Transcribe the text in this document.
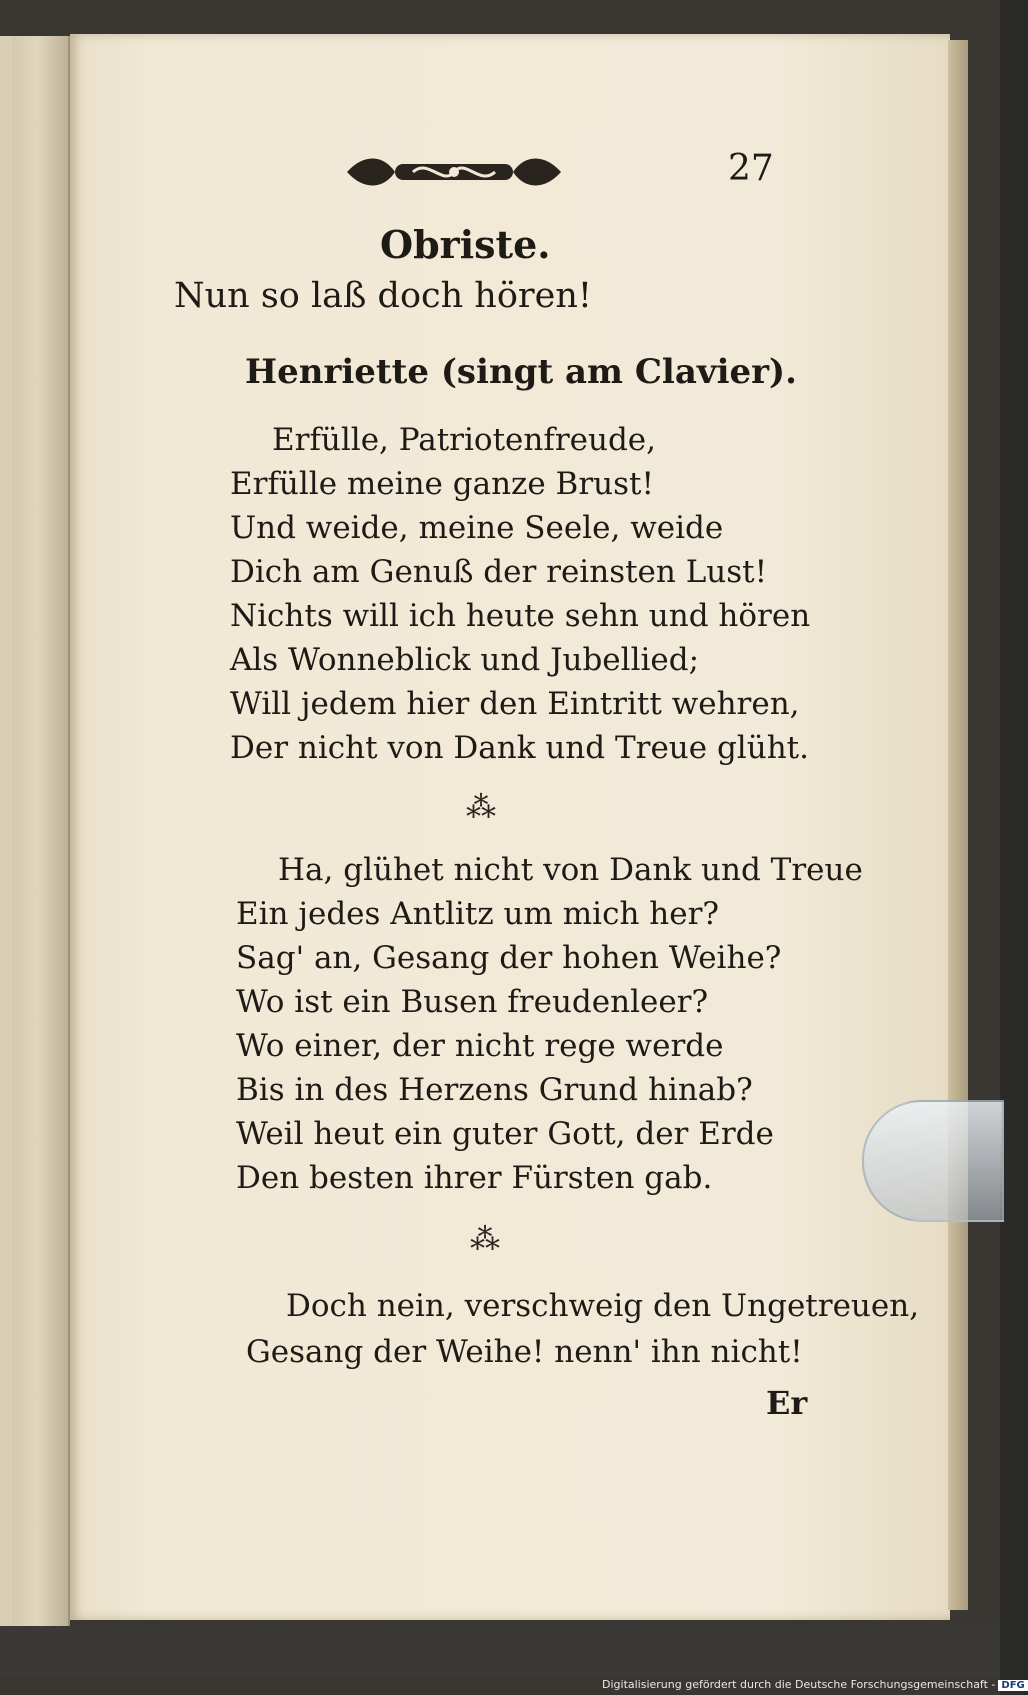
27
Obriste.
Nun so laß doch hören!
Henriette (singt am Clavier).
Erfülle, Patriotenfreude,
Erfülle meine ganze Brust!
Und weide, meine Seele, weide
Dich am Genuß der reinsten Lust!
Nichts will ich heute sehn und hören
Als Wonneblick und Jubellied;
Will jedem hier den Eintritt wehren,
Der nicht von Dank und Treue glüht.
⁂
Ha, glühet nicht von Dank und Treue
Ein jedes Antlitz um mich her?
Sag' an, Gesang der hohen Weihe?
Wo ist ein Busen freudenleer?
Wo einer, der nicht rege werde
Bis in des Herzens Grund hinab?
Weil heut ein guter Gott, der Erde
Den besten ihrer Fürsten gab.
⁂
Doch nein, verschweig den Ungetreuen,
Gesang der Weihe! nenn' ihn nicht!
Er
Digitalisierung gefördert durch die Deutsche Forschungsgemeinschaft - DFG
